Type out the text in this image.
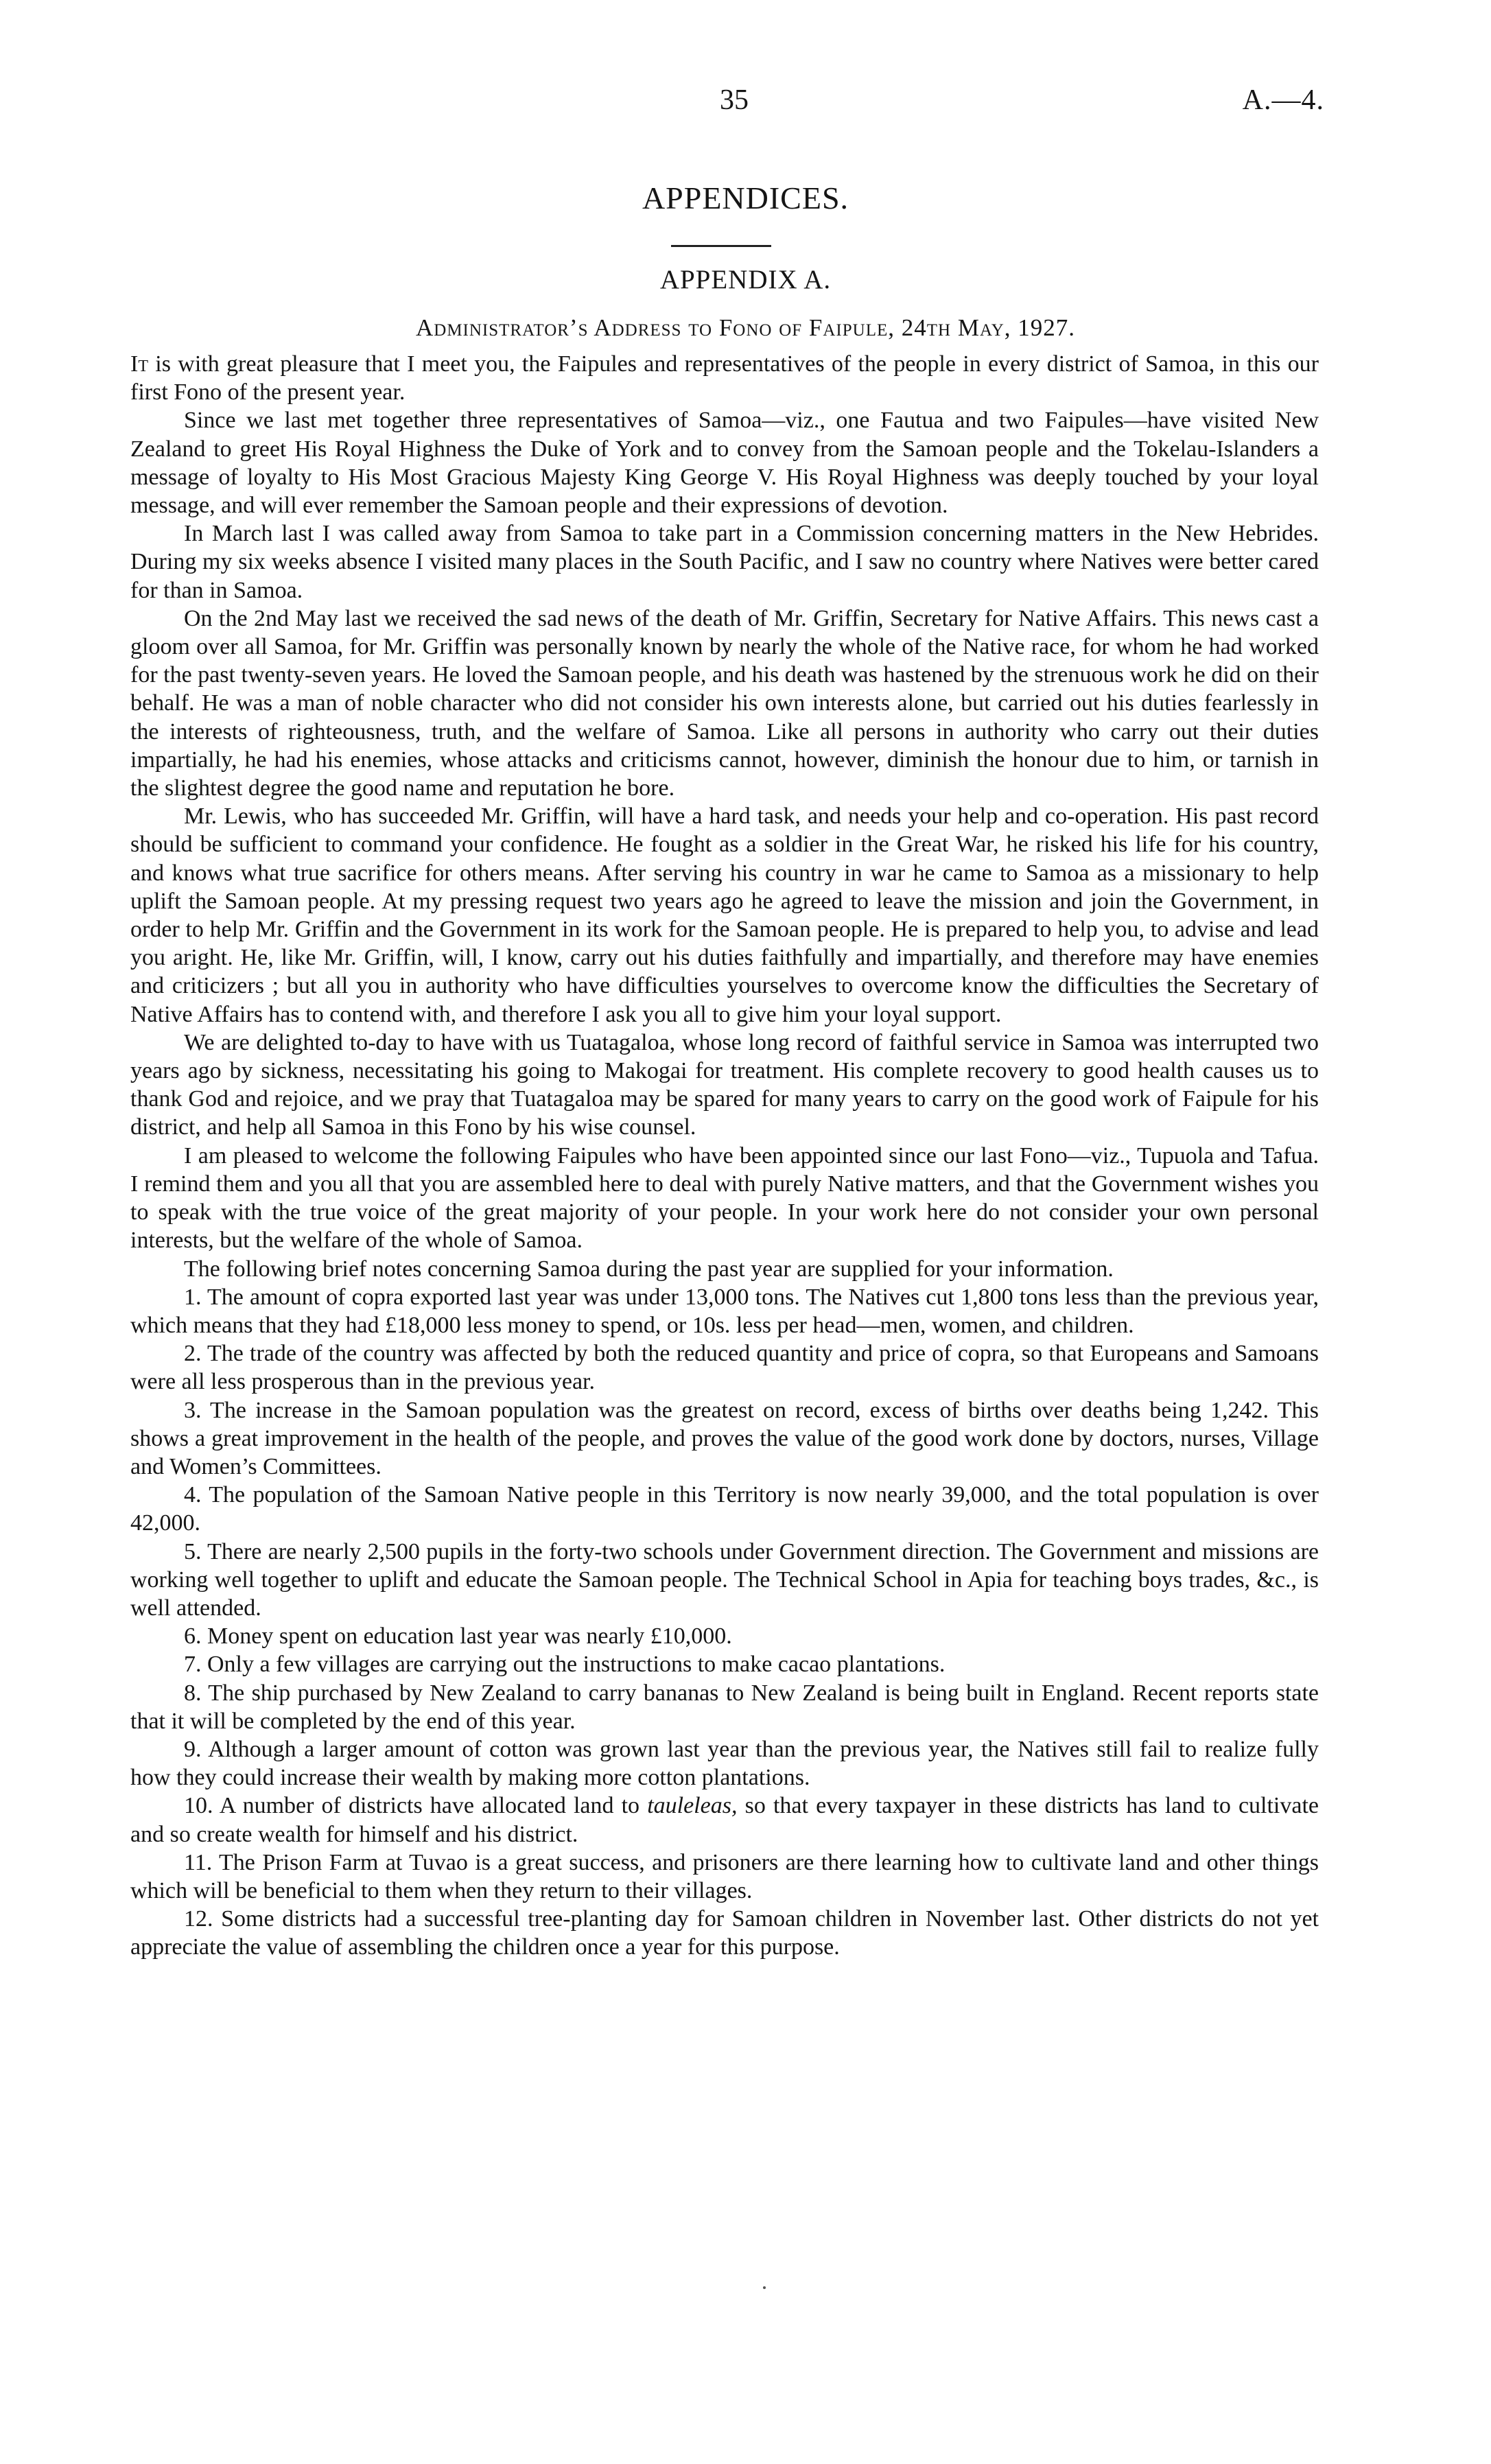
35	A.—4.
APPENDICES.
APPENDIX A.
Administrator’s Address to Fono of Faipule, 24th May, 1927.

It is with great pleasure that I meet you, the Faipules and representatives of the people in every district of Samoa, in this our first Fono of the present year.

Since we last met together three representatives of Samoa—viz., one Fautua and two Faipules—have visited New Zealand to greet His Royal Highness the Duke of York and to convey from the Samoan people and the Tokelau-Islanders a message of loyalty to His Most Gracious Majesty King George V. His Royal Highness was deeply touched by your loyal message, and will ever remember the Samoan people and their expressions of devotion.

In March last I was called away from Samoa to take part in a Commission concerning matters in the New Hebrides. During my six weeks absence I visited many places in the South Pacific, and I saw no country where Natives were better cared for than in Samoa.

On the 2nd May last we received the sad news of the death of Mr. Griffin, Secretary for Native Affairs. This news cast a gloom over all Samoa, for Mr. Griffin was personally known by nearly the whole of the Native race, for whom he had worked for the past twenty-seven years. He loved the Samoan people, and his death was hastened by the strenuous work he did on their behalf. He was a man of noble character who did not consider his own interests alone, but carried out his duties fearlessly in the interests of righteousness, truth, and the welfare of Samoa. Like all persons in authority who carry out their duties impartially, he had his enemies, whose attacks and criticisms cannot, however, diminish the honour due to him, or tarnish in the slightest degree the good name and reputation he bore.

Mr. Lewis, who has succeeded Mr. Griffin, will have a hard task, and needs your help and co-operation. His past record should be sufficient to command your confidence. He fought as a soldier in the Great War, he risked his life for his country, and knows what true sacrifice for others means. After serving his country in war he came to Samoa as a missionary to help uplift the Samoan people. At my pressing request two years ago he agreed to leave the mission and join the Government, in order to help Mr. Griffin and the Government in its work for the Samoan people. He is prepared to help you, to advise and lead you aright. He, like Mr. Griffin, will, I know, carry out his duties faithfully and impartially, and therefore may have enemies and criticizers ; but all you in authority who have difficulties yourselves to overcome know the difficulties the Secretary of Native Affairs has to contend with, and therefore I ask you all to give him your loyal support.

We are delighted to-day to have with us Tuatagaloa, whose long record of faithful service in Samoa was interrupted two years ago by sickness, necessitating his going to Makogai for treatment. His complete recovery to good health causes us to thank God and rejoice, and we pray that Tuatagaloa may be spared for many years to carry on the good work of Faipule for his district, and help all Samoa in this Fono by his wise counsel.

I am pleased to welcome the following Faipules who have been appointed since our last Fono—viz., Tupuola and Tafua. I remind them and you all that you are assembled here to deal with purely Native matters, and that the Government wishes you to speak with the true voice of the great majority of your people. In your work here do not consider your own personal interests, but the welfare of the whole of Samoa.

The following brief notes concerning Samoa during the past year are supplied for your information.

1. The amount of copra exported last year was under 13,000 tons. The Natives cut 1,800 tons less than the previous year, which means that they had £18,000 less money to spend, or 10s. less per head—men, women, and children.

2. The trade of the country was affected by both the reduced quantity and price of copra, so that Europeans and Samoans were all less prosperous than in the previous year.

3. The increase in the Samoan population was the greatest on record, excess of births over deaths being 1,242. This shows a great improvement in the health of the people, and proves the value of the good work done by doctors, nurses, Village and Women’s Committees.

4. The population of the Samoan Native people in this Territory is now nearly 39,000, and the total population is over 42,000.

5. There are nearly 2,500 pupils in the forty-two schools under Government direction. The Government and missions are working well together to uplift and educate the Samoan people. The Technical School in Apia for teaching boys trades, &c., is well attended.

6. Money spent on education last year was nearly £10,000.

7. Only a few villages are carrying out the instructions to make cacao plantations.

8. The ship purchased by New Zealand to carry bananas to New Zealand is being built in England. Recent reports state that it will be completed by the end of this year.

9. Although a larger amount of cotton was grown last year than the previous year, the Natives still fail to realize fully how they could increase their wealth by making more cotton plantations.

10. A number of districts have allocated land to tauleleas, so that every taxpayer in these districts has land to cultivate and so create wealth for himself and his district.

11. The Prison Farm at Tuvao is a great success, and prisoners are there learning how to cultivate land and other things which will be beneficial to them when they return to their villages.

12. Some districts had a successful tree-planting day for Samoan children in November last. Other districts do not yet appreciate the value of assembling the children once a year for this purpose.
